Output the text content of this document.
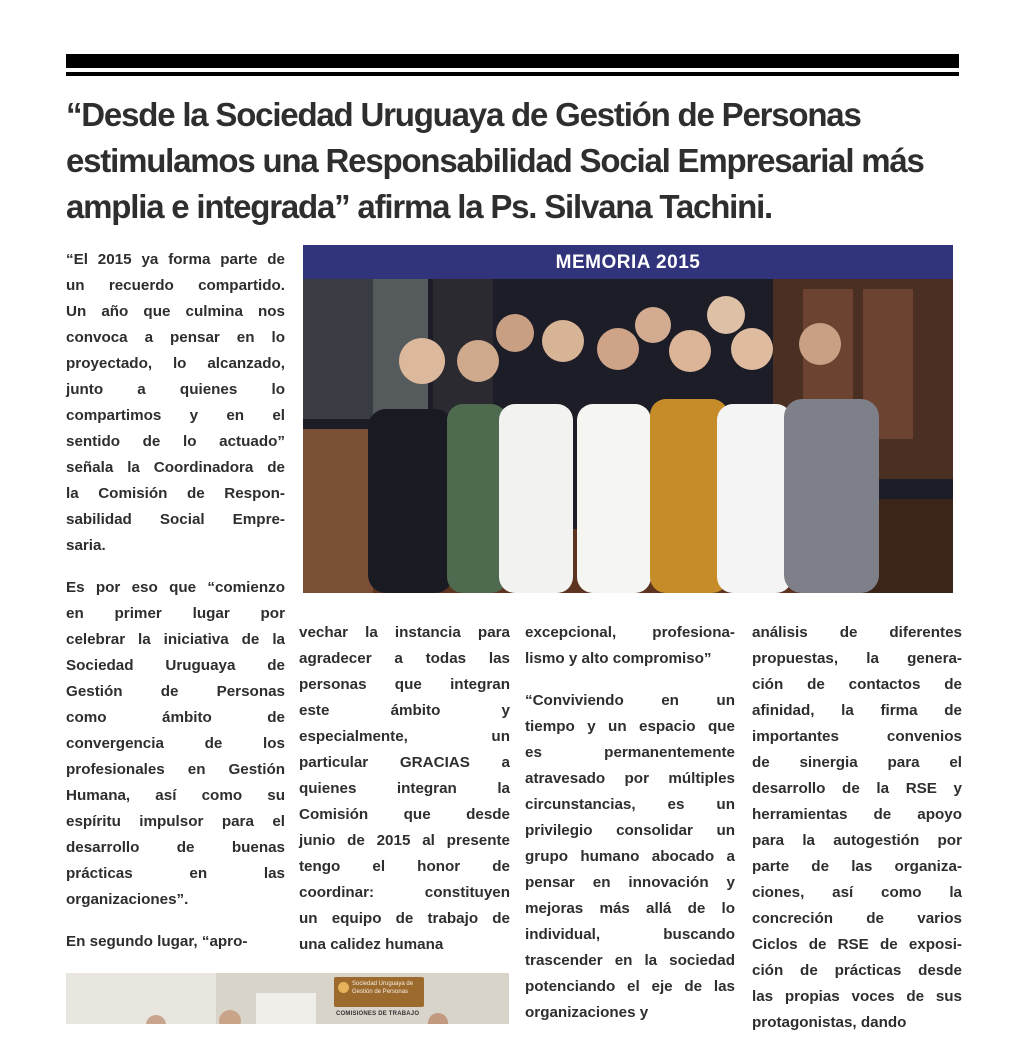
“Desde la Sociedad Uruguaya de Gestión de Personas
estimulamos una Responsabilidad Social Empresarial más
amplia e integrada” afirma la Ps. Silvana Tachini.

“El 2015 ya forma parte de
un recuerdo compartido.
Un año que culmina nos
convoca a pensar en lo
proyectado, lo alcanzado,
junto a quienes lo
compartimos y en el
sentido de lo actuado”
señala la Coordinadora de
la Comisión de Respon-
sabilidad Social Empre-
saria.

Es por eso que “comienzo
en primer lugar por
celebrar la iniciativa de la
Sociedad Uruguaya de
Gestión de Personas
como ámbito de
convergencia de los
profesionales en Gestión
Humana, así como su
espíritu impulsor para el
desarrollo de buenas
prácticas en las
organizaciones”.

En segundo lugar, “apro-

MEMORIA 2015

vechar la instancia para
agradecer a todas las
personas que integran
este ámbito y
especialmente, un
particular GRACIAS a
quienes integran la
Comisión que desde
junio de 2015 al presente
tengo el honor de
coordinar: constituyen
un equipo de trabajo de
una calidez humana

excepcional, profesiona-
lismo y alto compromiso”

“Conviviendo en un
tiempo y un espacio que
es permanentemente
atravesado por múltiples
circunstancias, es un
privilegio consolidar un
grupo humano abocado a
pensar en innovación y
mejoras más allá de lo
individual, buscando
trascender en la sociedad
potenciando el eje de las
organizaciones y

análisis de diferentes
propuestas, la genera-
ción de contactos de
afinidad, la firma de
importantes convenios
de sinergia para el
desarrollo de la RSE y
herramientas de apoyo
para la autogestión por
parte de las organiza-
ciones, así como la
concreción de varios
Ciclos de RSE de exposi-
ción de prácticas desde
las propias voces de sus
protagonistas, dando

Sociedad Uruguaya de Gestión de Personas
COMISIONES DE TRABAJO
